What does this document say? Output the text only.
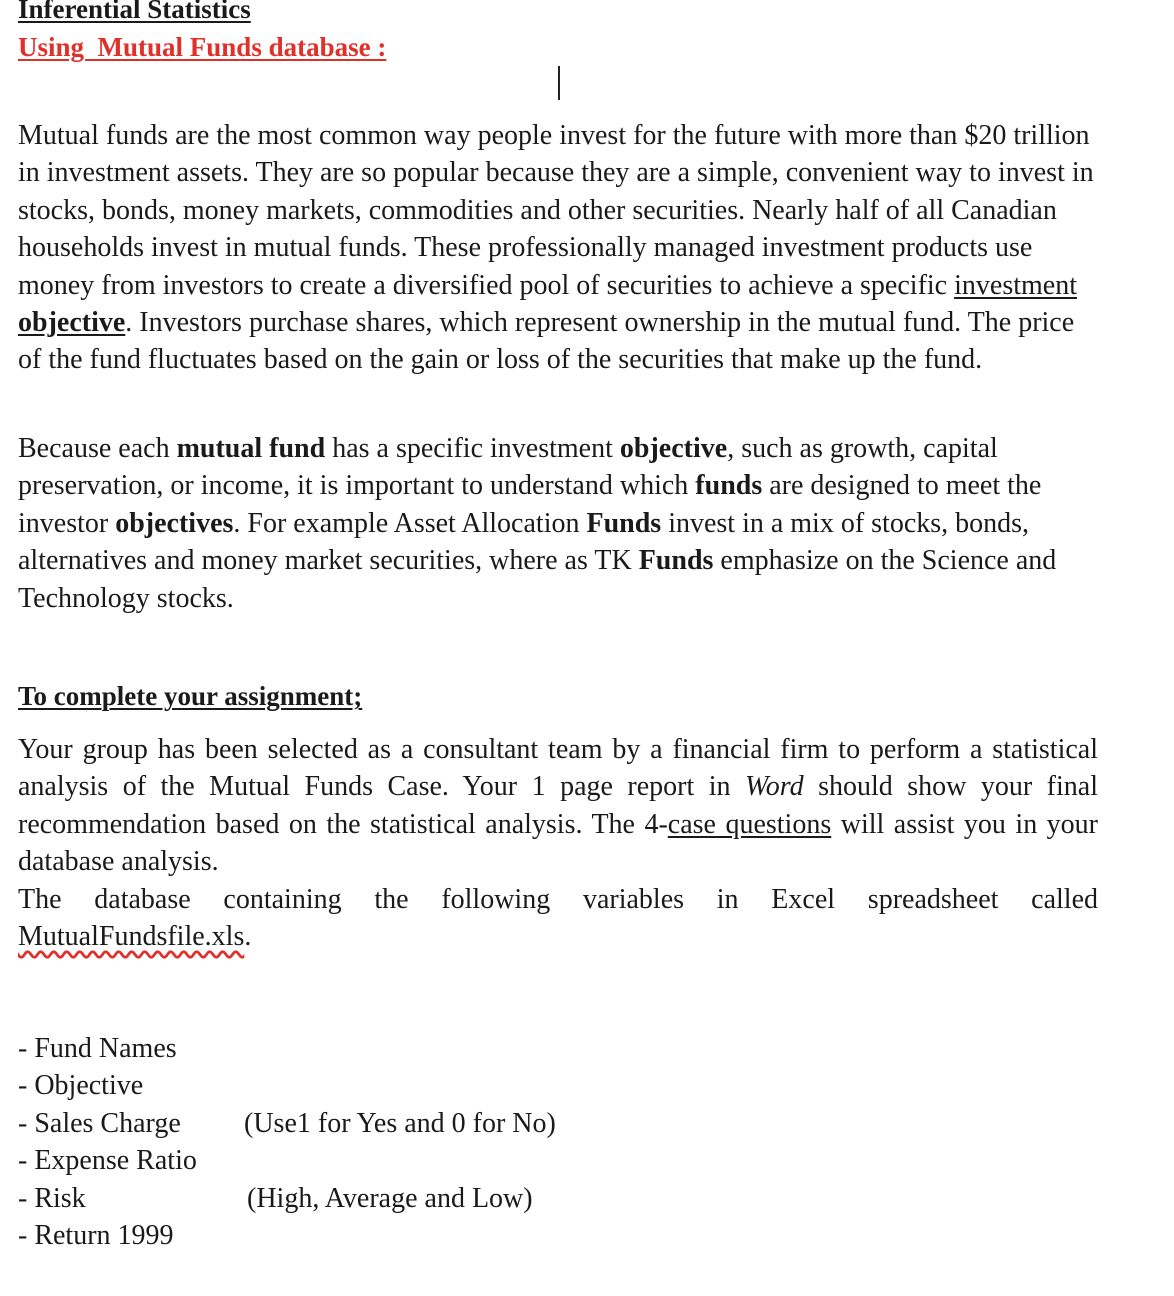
Inferential Statistics
Using  Mutual Funds database :

Mutual funds are the most common way people invest for the future with more than $20 trillion in investment assets. They are so popular because they are a simple, convenient way to invest in stocks, bonds, money markets, commodities and other securities. Nearly half of all Canadian households invest in mutual funds. These professionally managed investment products use money from investors to create a diversified pool of securities to achieve a specific investment objective. Investors purchase shares, which represent ownership in the mutual fund. The price of the fund fluctuates based on the gain or loss of the securities that make up the fund.

Because each mutual fund has a specific investment objective, such as growth, capital preservation, or income, it is important to understand which funds are designed to meet the investor objectives. For example Asset Allocation Funds invest in a mix of stocks, bonds, alternatives and money market securities, where as TK Funds emphasize on the Science and Technology stocks.

To complete your assignment;

Your group has been selected as a consultant team by a financial firm to perform a statistical analysis of the Mutual Funds Case. Your 1 page report in Word should show your final recommendation based on the statistical analysis. The 4-case questions will assist you in your database analysis.

The database containing the following variables in Excel spreadsheet called

MutualFundsfile.xls.

- Fund Names
- Objective
- Sales Charge (Use1 for Yes and 0 for No)
- Expense Ratio
- Risk	(High, Average and Low)
- Return 1999
